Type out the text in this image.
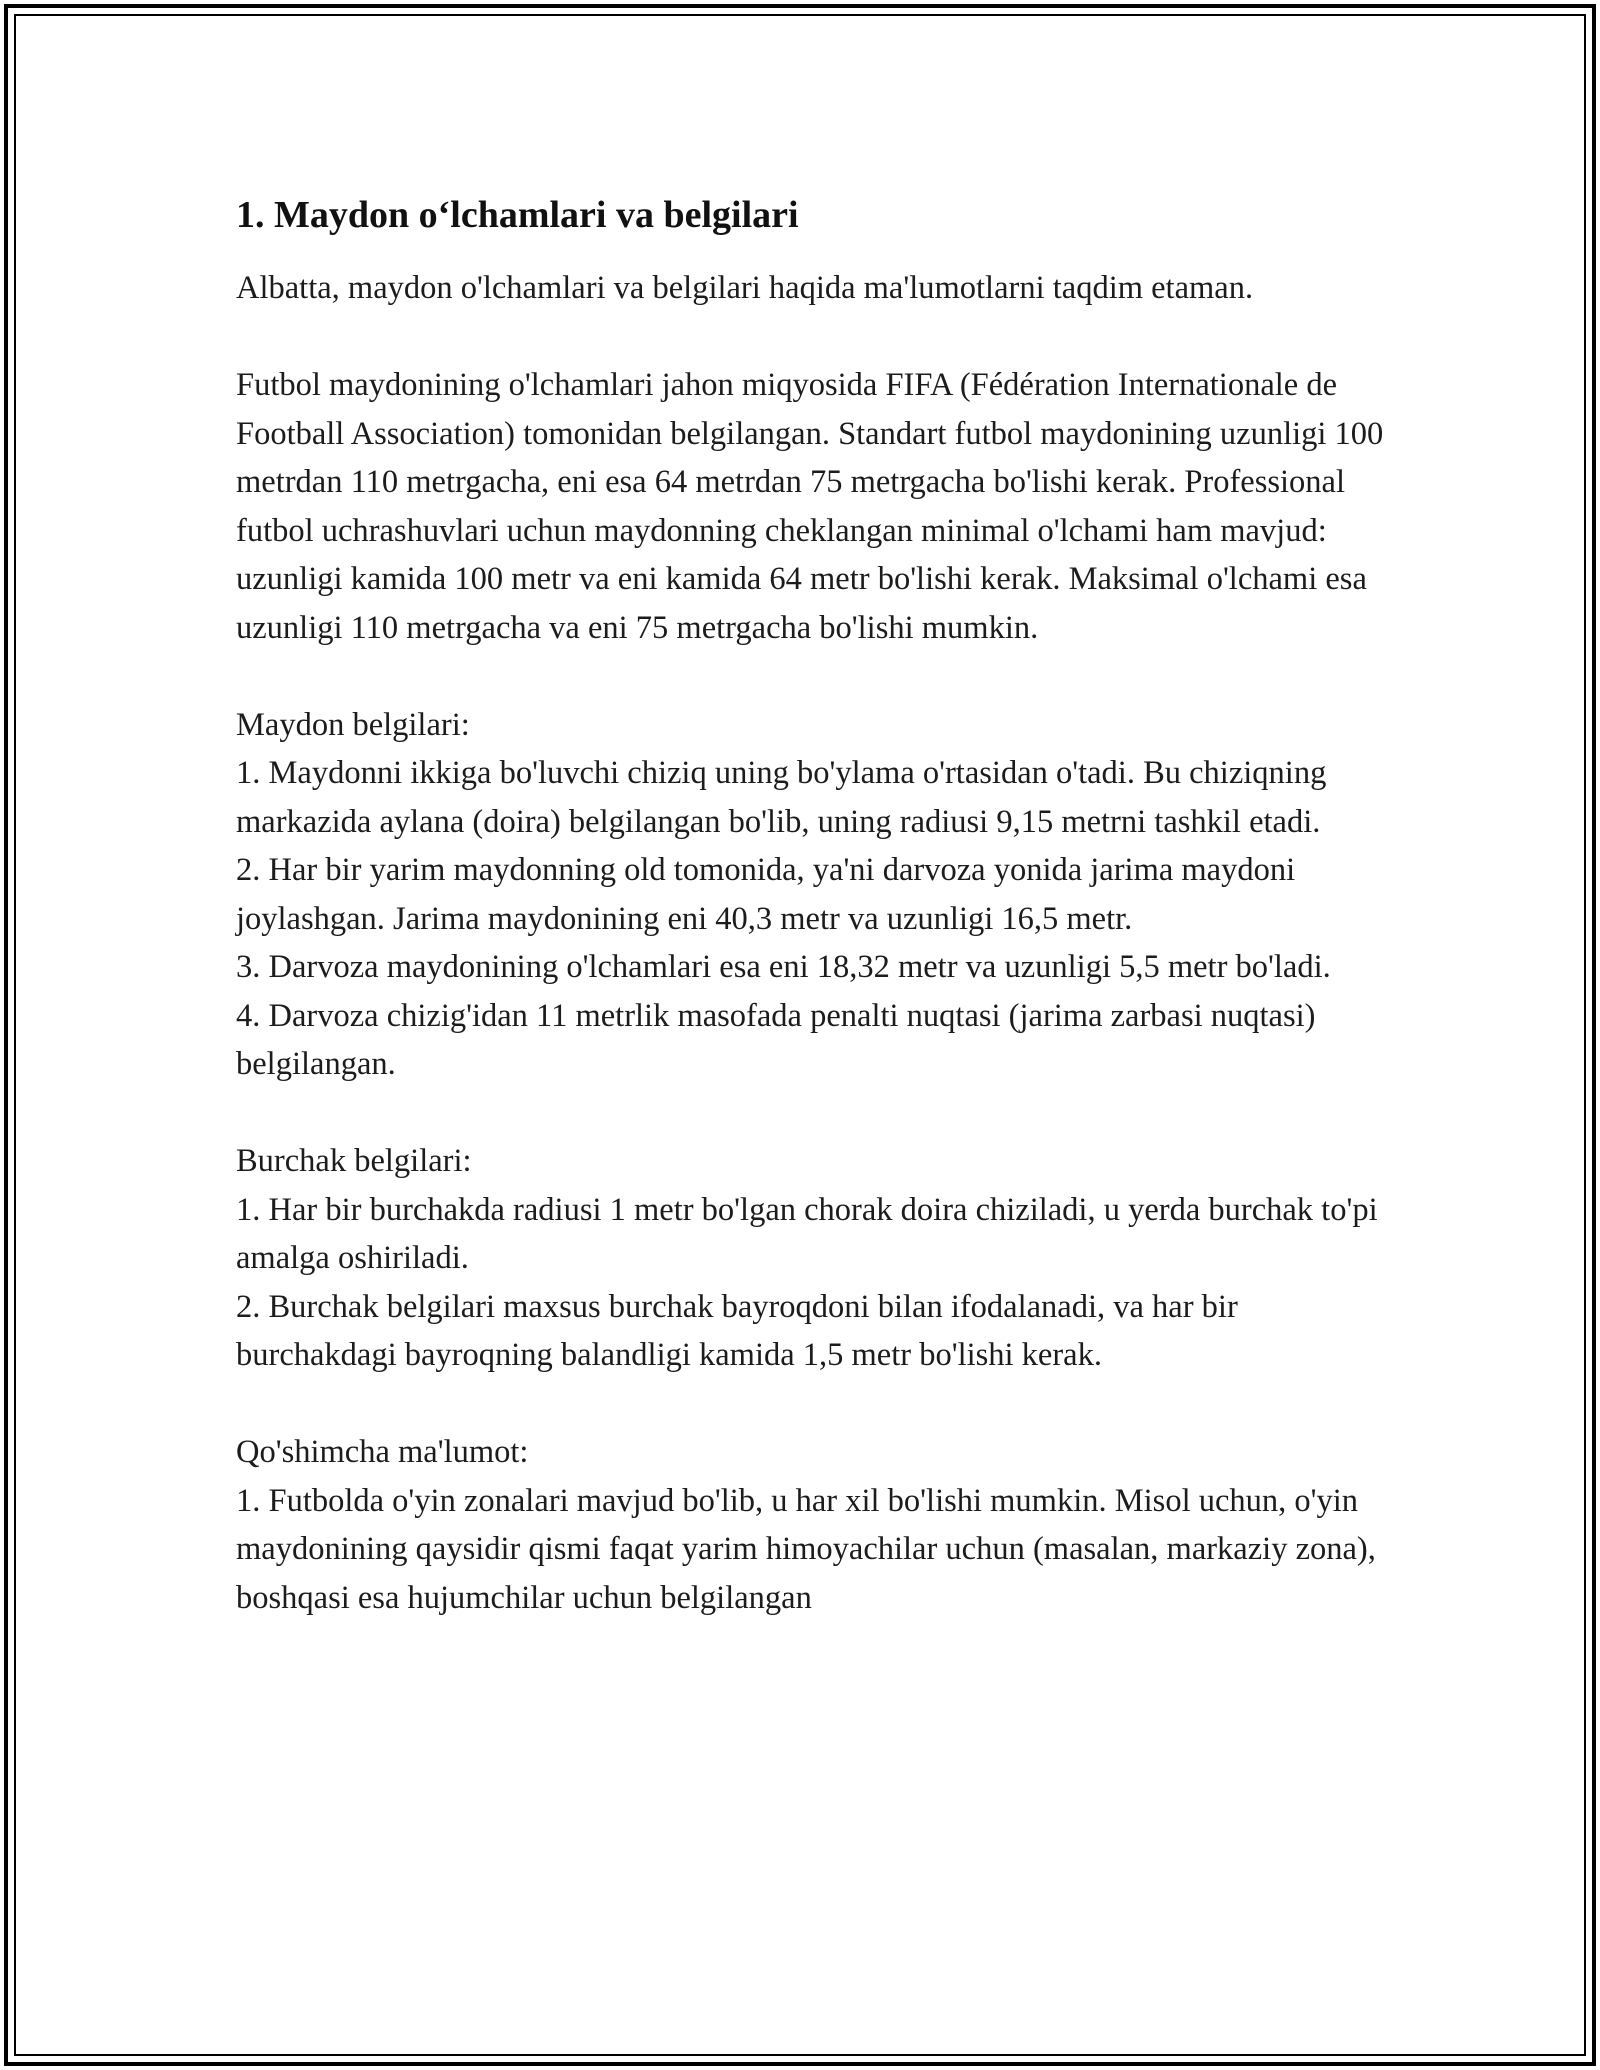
1. Maydon o‘lchamlari va belgilari

Albatta, maydon o'lchamlari va belgilari haqida ma'lumotlarni taqdim etaman.

Futbol maydonining o'lchamlari jahon miqyosida FIFA (Fédération Internationale de Football Association) tomonidan belgilangan. Standart futbol maydonining uzunligi 100 metrdan 110 metrgacha, eni esa 64 metrdan 75 metrgacha bo'lishi kerak. Professional futbol uchrashuvlari uchun maydonning cheklangan minimal o'lchami ham mavjud: uzunligi kamida 100 metr va eni kamida 64 metr bo'lishi kerak. Maksimal o'lchami esa uzunligi 110 metrgacha va eni 75 metrgacha bo'lishi mumkin.

Maydon belgilari:

1. Maydonni ikkiga bo'luvchi chiziq uning bo'ylama o'rtasidan o'tadi. Bu chiziqning markazida aylana (doira) belgilangan bo'lib, uning radiusi 9,15 metrni tashkil etadi.

2. Har bir yarim maydonning old tomonida, ya'ni darvoza yonida jarima maydoni joylashgan. Jarima maydonining eni 40,3 metr va uzunligi 16,5 metr.

3. Darvoza maydonining o'lchamlari esa eni 18,32 metr va uzunligi 5,5 metr bo'ladi.

4. Darvoza chizig'idan 11 metrlik masofada penalti nuqtasi (jarima zarbasi nuqtasi) belgilangan.

Burchak belgilari:

1. Har bir burchakda radiusi 1 metr bo'lgan chorak doira chiziladi, u yerda burchak to'pi amalga oshiriladi.

2. Burchak belgilari maxsus burchak bayroqdoni bilan ifodalanadi, va har bir burchakdagi bayroqning balandligi kamida 1,5 metr bo'lishi kerak.

Qo'shimcha ma'lumot:

1. Futbolda o'yin zonalari mavjud bo'lib, u har xil bo'lishi mumkin. Misol uchun, o'yin maydonining qaysidir qismi faqat yarim himoyachilar uchun (masalan, markaziy zona), boshqasi esa hujumchilar uchun belgilangan
